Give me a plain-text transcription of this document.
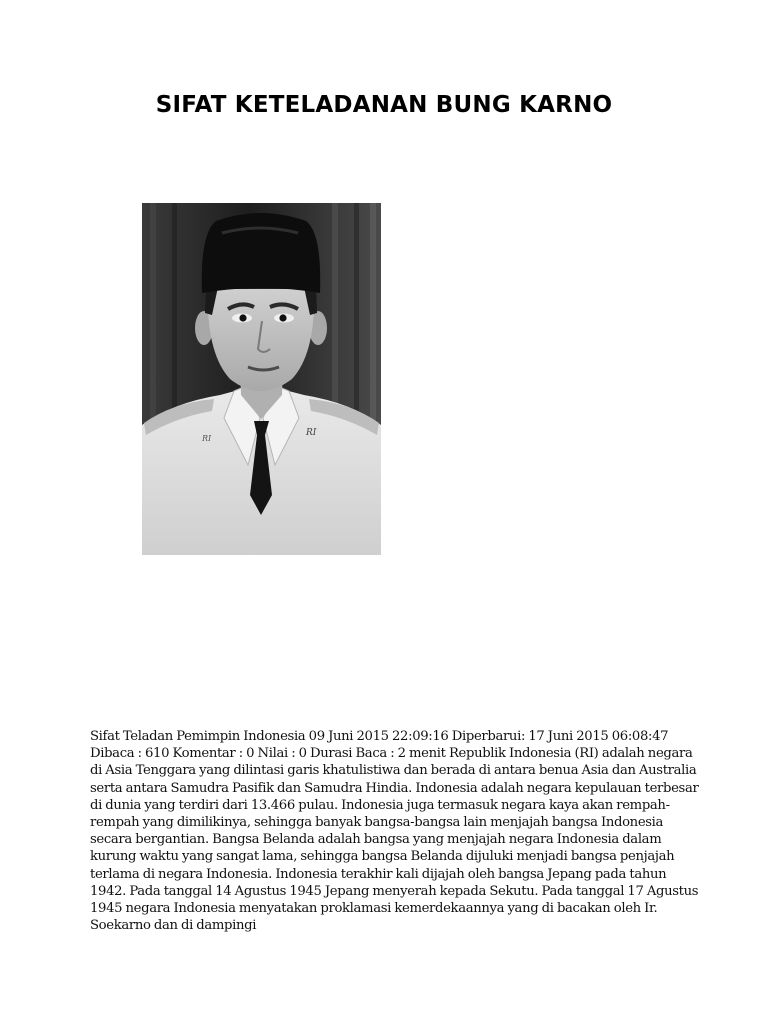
SIFAT KETELADANAN BUNG KARNO
RI
RI

Sifat Teladan Pemimpin Indonesia 09 Juni 2015 22:09:16 Diperbarui: 17 Juni 2015 06:08:47 Dibaca : 610 Komentar : 0 Nilai : 0 Durasi Baca : 2 menit Republik Indonesia (RI) adalah negara di Asia Tenggara yang dilintasi garis khatulistiwa dan berada di antara benua Asia dan Australia serta antara Samudra Pasifik dan Samudra Hindia. Indonesia adalah negara kepulauan terbesar di dunia yang terdiri dari 13.466 pulau. Indonesia juga termasuk negara kaya akan rempah-rempah yang dimilikinya, sehingga banyak bangsa-bangsa lain menjajah bangsa Indonesia secara bergantian. Bangsa Belanda adalah bangsa yang menjajah negara Indonesia dalam kurung waktu yang sangat lama, sehingga bangsa Belanda dijuluki menjadi bangsa penjajah terlama di negara Indonesia. Indonesia terakhir kali dijajah oleh bangsa Jepang pada tahun 1942. Pada tanggal 14 Agustus 1945 Jepang menyerah kepada Sekutu. Pada tanggal 17 Agustus 1945 negara Indonesia menyatakan proklamasi kemerdekaannya yang di bacakan oleh Ir. Soekarno dan di dampingi
